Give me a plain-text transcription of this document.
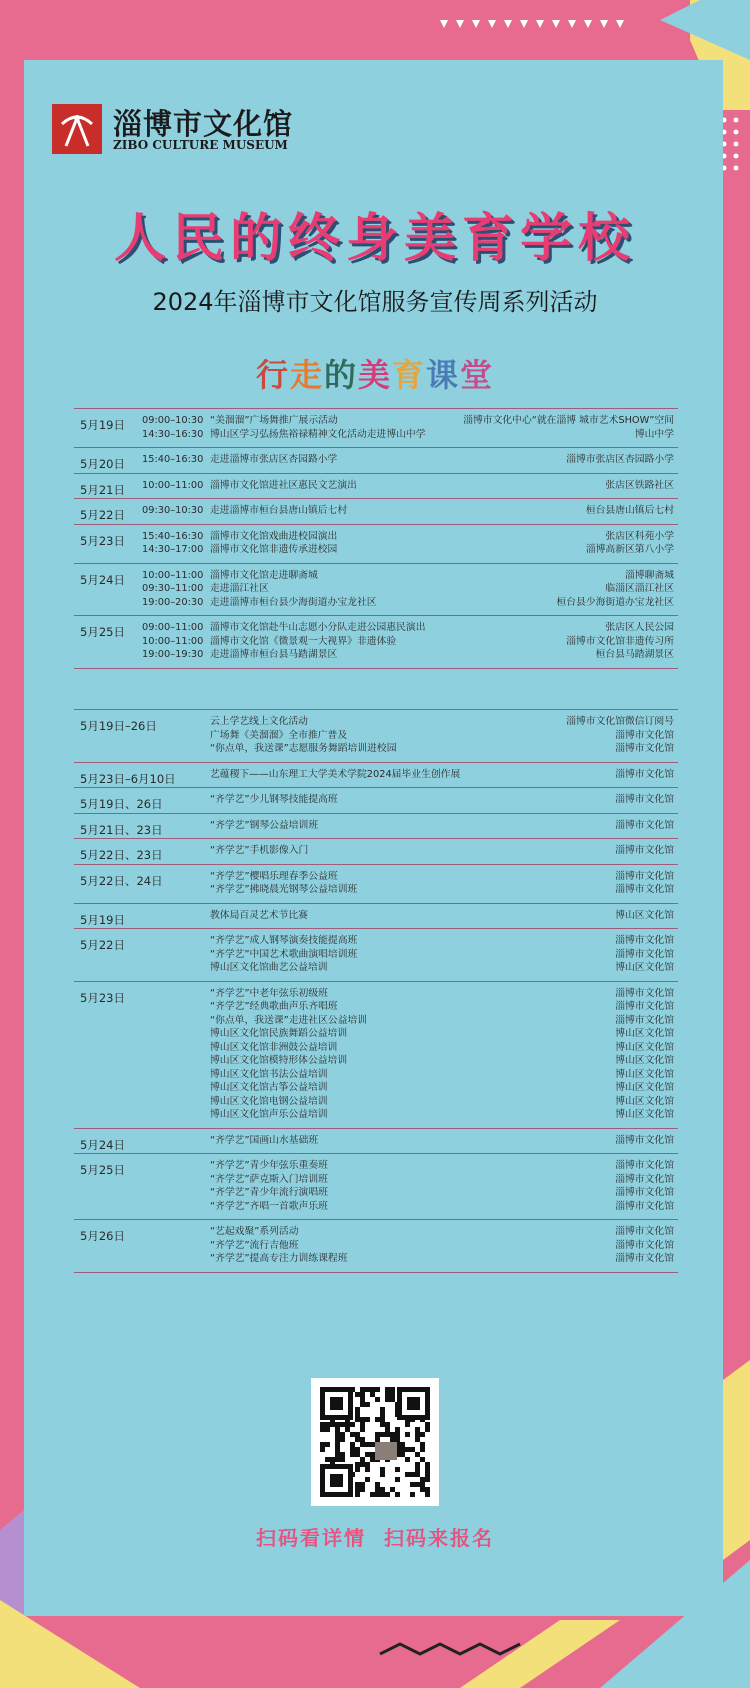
淄博市文化馆
ZIBO CULTURE MUSEUM
人民的终身美育学校
2024年淄博市文化馆服务宣传周系列活动
行走的美育课堂
5月19日 09:00–10:30 “美溜溜”广场舞推广展示活动	淄博市文化中心“就在淄博 城市艺术SHOW”空间
14:30–16:30 博山区学习弘扬焦裕禄精神文化活动走进博山中学	博山中学
5月20日 15:40–16:30 走进淄博市张店区杏园路小学	淄博市张店区杏园路小学
5月21日 10:00–11:00 淄博市文化馆进社区惠民文艺演出	张店区铁路社区
5月22日 09:30–10:30 走进淄博市桓台县唐山镇后七村	桓台县唐山镇后七村
5月23日 15:40–16:30 淄博市文化馆戏曲进校园演出	张店区科苑小学
14:30–17:00 淄博市文化馆非遗传承进校园	淄博高新区第八小学
5月24日 10:00–11:00 淄博市文化馆走进聊斋城	淄博聊斋城
09:30–11:00 走进淄江社区	临淄区淄江社区
19:00–20:30 走进淄博市桓台县少海街道办宝龙社区	桓台县少海街道办宝龙社区
5月25日 09:00–11:00 淄博市文化馆赴牛山志愿小分队走进公园惠民演出	张店区人民公园
10:00–11:00 淄博市文化馆《微景观一大视界》非遗体验	淄博市文化馆非遗传习所
19:00–19:30 走进淄博市桓台县马踏湖景区	桓台县马踏湖景区
5月19日–26日	云上学艺线上文化活动	淄博市文化馆微信订阅号
广场舞《美溜溜》全市推广普及	淄博市文化馆
“你点单，我送课”志愿服务舞蹈培训进校园	淄博市文化馆
5月23日–6月10日	艺蕴稷下——山东理工大学美术学院2024届毕业生创作展	淄博市文化馆
5月19日、26日	“齐学艺”少儿钢琴技能提高班	淄博市文化馆
5月21日、23日	“齐学艺”钢琴公益培训班	淄博市文化馆
5月22日、23日	“齐学艺”手机影像入门	淄博市文化馆
5月22日、24日	“齐学艺”樱唱乐理春季公益班	淄博市文化馆
“齐学艺”拂晓晨光钢琴公益培训班	淄博市文化馆
5月19日	教体局百灵艺术节比赛	博山区文化馆
5月22日	“齐学艺”成人钢琴演奏技能提高班	淄博市文化馆
“齐学艺”中国艺术歌曲演唱培训班	淄博市文化馆
博山区文化馆曲艺公益培训	博山区文化馆
5月23日	“齐学艺”中老年弦乐初级班	淄博市文化馆
“齐学艺”经典歌曲声乐齐唱班	淄博市文化馆
“你点单，我送课”走进社区公益培训	淄博市文化馆
博山区文化馆民族舞蹈公益培训	博山区文化馆
博山区文化馆非洲鼓公益培训	博山区文化馆
博山区文化馆模特形体公益培训	博山区文化馆
博山区文化馆书法公益培训	博山区文化馆
博山区文化馆古筝公益培训	博山区文化馆
博山区文化馆电钢公益培训	博山区文化馆
博山区文化馆声乐公益培训	博山区文化馆
5月24日	“齐学艺”国画山水基础班	淄博市文化馆
5月25日	“齐学艺”青少年弦乐重奏班	淄博市文化馆
“齐学艺”萨克斯入门培训班	淄博市文化馆
“齐学艺”青少年流行演唱班	淄博市文化馆
“齐学艺”齐唱一首歌声乐班	淄博市文化馆
5月26日	“艺起戏聚”系列活动	淄博市文化馆
“齐学艺”流行吉他班	淄博市文化馆
“齐学艺”提高专注力训练课程班	淄博市文化馆
扫码看详情  扫码来报名
